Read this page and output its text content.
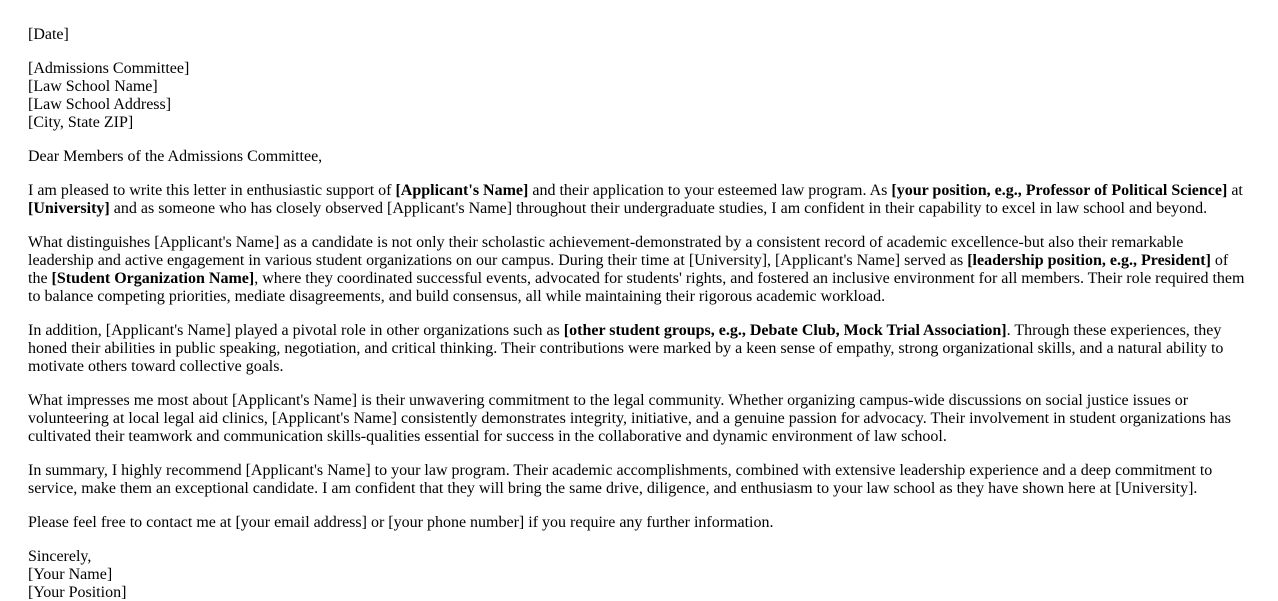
[Date]

[Admissions Committee]
[Law School Name]
[Law School Address]
[City, State ZIP]

Dear Members of the Admissions Committee,

I am pleased to write this letter in enthusiastic support of [Applicant's Name] and their application to your esteemed law program. As [your position, e.g., Professor of Political Science] at [University] and as someone who has closely observed [Applicant's Name] throughout their undergraduate studies, I am confident in their capability to excel in law school and beyond.

What distinguishes [Applicant's Name] as a candidate is not only their scholastic achievement-demonstrated by a consistent record of academic excellence-but also their remarkable leadership and active engagement in various student organizations on our campus. During their time at [University], [Applicant's Name] served as [leadership position, e.g., President] of the [Student Organization Name], where they coordinated successful events, advocated for students' rights, and fostered an inclusive environment for all members. Their role required them to balance competing priorities, mediate disagreements, and build consensus, all while maintaining their rigorous academic workload.

In addition, [Applicant's Name] played a pivotal role in other organizations such as [other student groups, e.g., Debate Club, Mock Trial Association]. Through these experiences, they honed their abilities in public speaking, negotiation, and critical thinking. Their contributions were marked by a keen sense of empathy, strong organizational skills, and a natural ability to motivate others toward collective goals.

What impresses me most about [Applicant's Name] is their unwavering commitment to the legal community. Whether organizing campus-wide discussions on social justice issues or volunteering at local legal aid clinics, [Applicant's Name] consistently demonstrates integrity, initiative, and a genuine passion for advocacy. Their involvement in student organizations has cultivated their teamwork and communication skills-qualities essential for success in the collaborative and dynamic environment of law school.

In summary, I highly recommend [Applicant's Name] to your law program. Their academic accomplishments, combined with extensive leadership experience and a deep commitment to service, make them an exceptional candidate. I am confident that they will bring the same drive, diligence, and enthusiasm to your law school as they have shown here at [University].

Please feel free to contact me at [your email address] or [your phone number] if you require any further information.

Sincerely,
[Your Name]
[Your Position]
